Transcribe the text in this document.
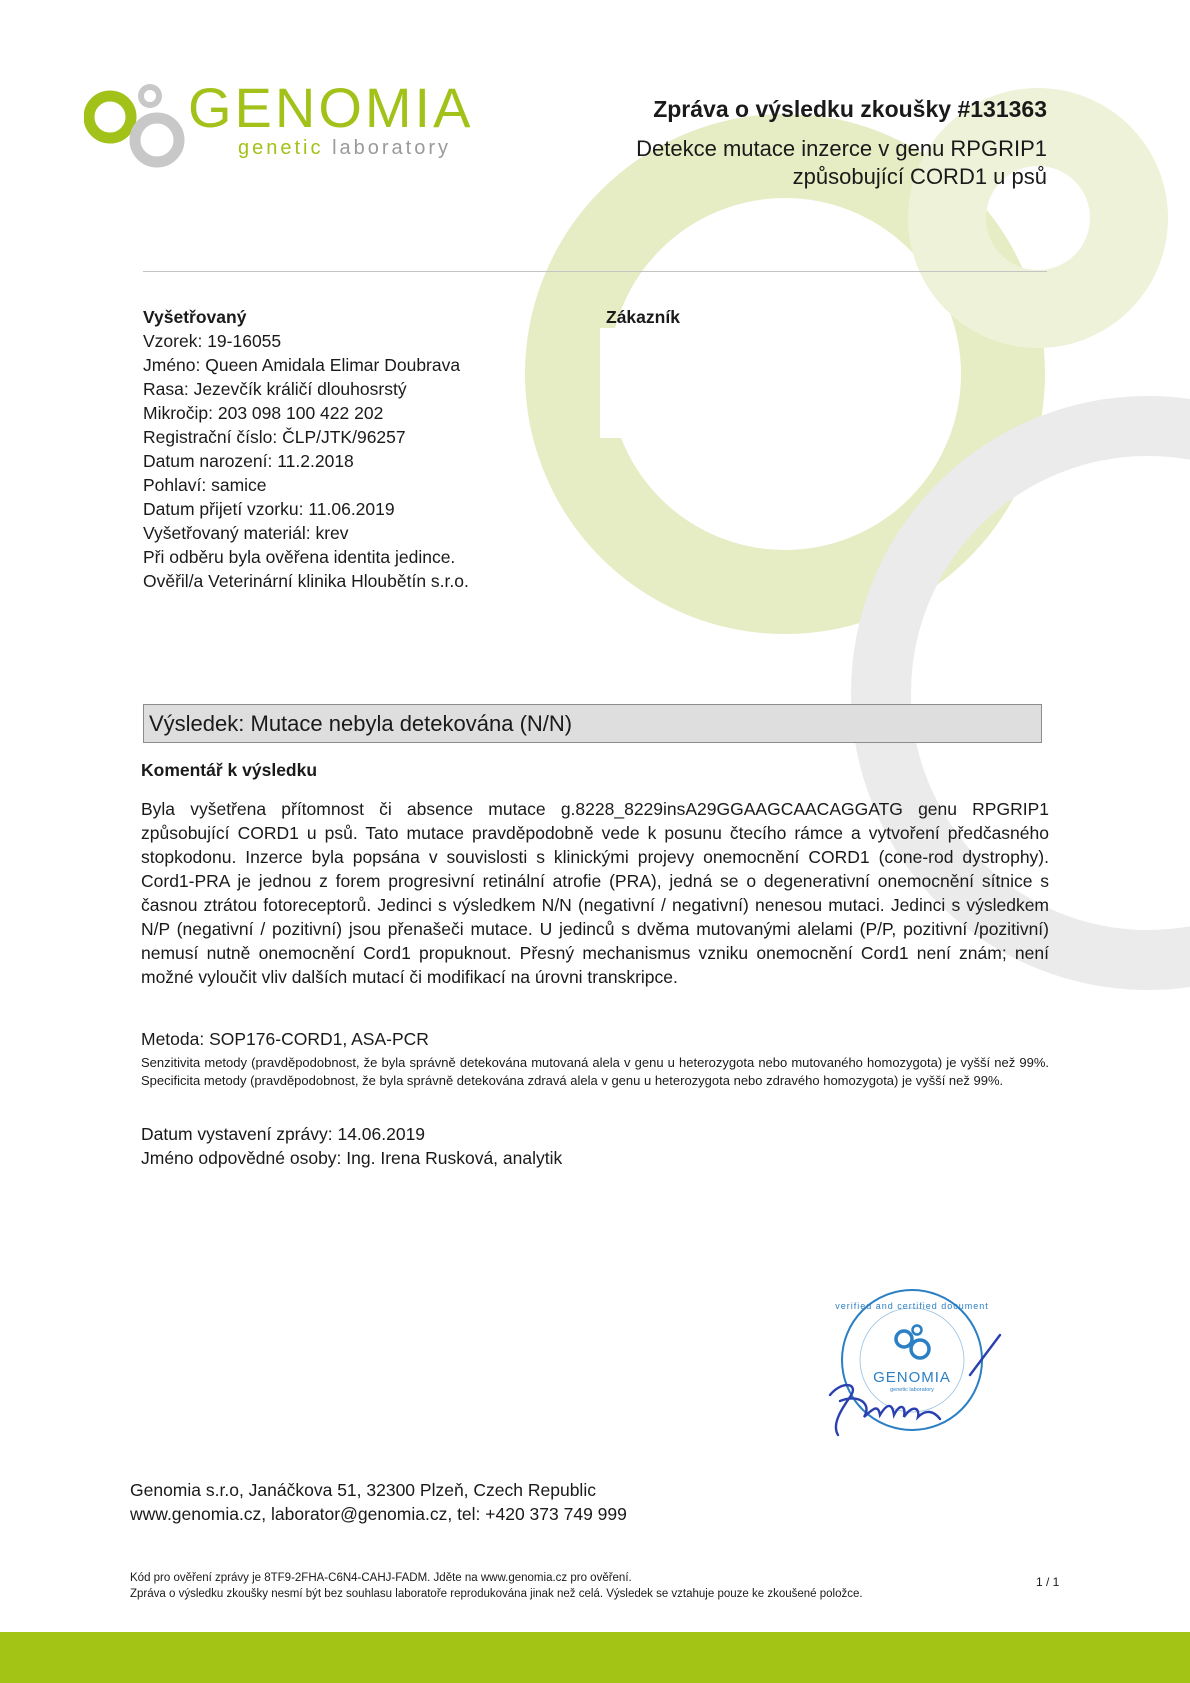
GENOMIA
genetic laboratory
Zpráva o výsledku zkoušky #131363
Detekce mutace inzerce v genu RPGRIP1
způsobující CORD1 u psů
Vyšetřovaný
Vzorek: 19-16055
Jméno: Queen Amidala Elimar Doubrava
Rasa: Jezevčík králičí dlouhosrstý
Mikročip: 203 098 100 422 202
Registrační číslo: ČLP/JTK/96257
Datum narození: 11.2.2018
Pohlaví: samice
Datum přijetí vzorku: 11.06.2019
Vyšetřovaný materiál: krev
Při odběru byla ověřena identita jedince.
Ověřil/a Veterinární klinika Hloubětín s.r.o.
Zákazník
Výsledek: Mutace nebyla detekována (N/N)
Komentář k výsledku
Byla vyšetřena přítomnost či absence mutace g.8228_8229insA29GGAAGCAACAGGATG genu RPGRIP1 způsobující CORD1 u psů. Tato mutace pravděpodobně vede k posunu čtecího rámce a vytvoření předčasného stopkodonu. Inzerce byla popsána v souvislosti s klinickými projevy onemocnění CORD1 (cone-rod dystrophy). Cord1-PRA je jednou z forem progresivní retinální atrofie (PRA), jedná se o degenerativní onemocnění sítnice s časnou ztrátou fotoreceptorů. Jedinci s výsledkem N/N (negativní / negativní) nenesou mutaci. Jedinci s výsledkem N/P (negativní / pozitivní) jsou přenašeči mutace. U jedinců s dvěma mutovanými alelami (P/P, pozitivní /pozitivní) nemusí nutně onemocnění Cord1 propuknout. Přesný mechanismus vzniku onemocnění Cord1 není znám; není možné vyloučit vliv dalších mutací či modifikací na úrovni transkripce.
Metoda: SOP176-CORD1, ASA-PCR
Senzitivita metody (pravděpodobnost, že byla správně detekována mutovaná alela v genu u heterozygota nebo mutovaného homozygota) je vyšší než 99%. Specificita metody (pravděpodobnost, že byla správně detekována zdravá alela v genu u heterozygota nebo zdravého homozygota) je vyšší než 99%.
Datum vystavení zprávy: 14.06.2019
Jméno odpovědné osoby: Ing. Irena Rusková, analytik
GENOMIA
genetic laboratory
verified and certified document
Genomia s.r.o, Janáčkova 51, 32300 Plzeň, Czech Republic
www.genomia.cz, laborator@genomia.cz, tel: +420 373 749 999
Kód pro ověření zprávy je 8TF9-2FHA-C6N4-CAHJ-FADM. Jděte na www.genomia.cz pro ověření.
Zpráva o výsledku zkoušky nesmí být bez souhlasu laboratoře reprodukována jinak než celá. Výsledek se vztahuje pouze ke zkoušené položce.
1 / 1
